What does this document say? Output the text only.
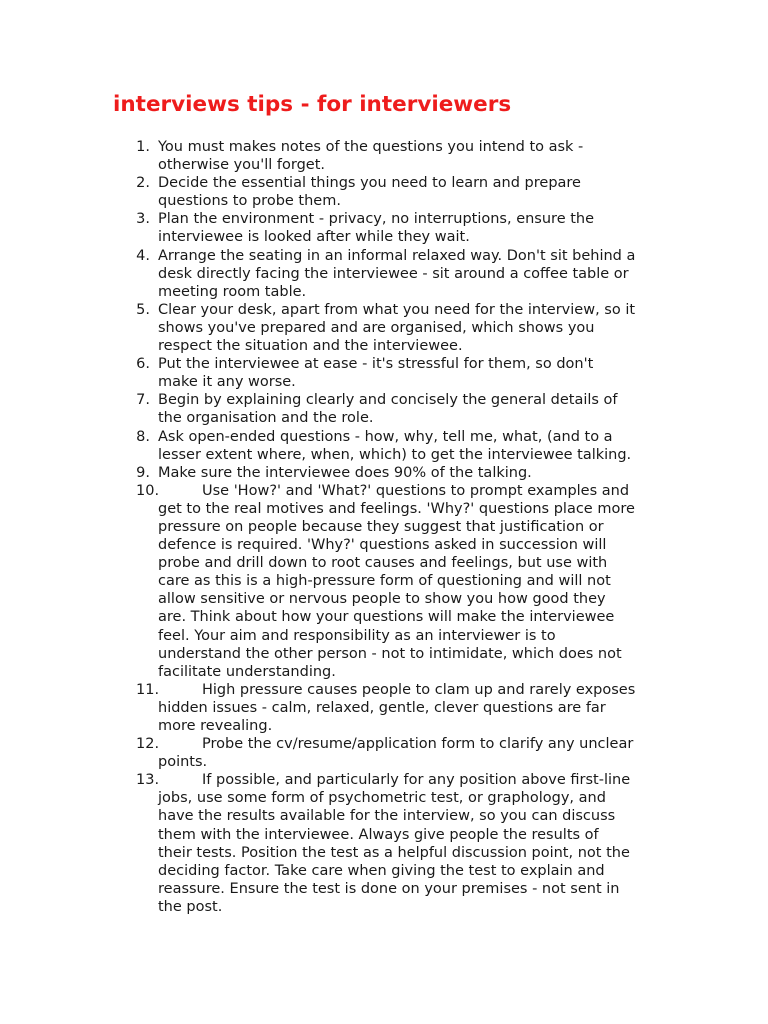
interviews tips - for interviewers
1. You must makes notes of the questions you intend to ask -
otherwise you'll forget.
2. Decide the essential things you need to learn and prepare
questions to probe them.
3. Plan the environment - privacy, no interruptions, ensure the
interviewee is looked after while they wait.
4. Arrange the seating in an informal relaxed way. Don't sit behind a
desk directly facing the interviewee - sit around a coffee table or
meeting room table.
5. Clear your desk, apart from what you need for the interview, so it
shows you've prepared and are organised, which shows you
respect the situation and the interviewee.
6. Put the interviewee at ease - it's stressful for them, so don't
make it any worse.
7. Begin by explaining clearly and concisely the general details of
the organisation and the role.
8. Ask open-ended questions - how, why, tell me, what, (and to a
lesser extent where, when, which) to get the interviewee talking.
9. Make sure the interviewee does 90% of the talking.
10.	Use 'How?' and 'What?' questions to prompt examples and
get to the real motives and feelings. 'Why?' questions place more
pressure on people because they suggest that justification or
defence is required. 'Why?' questions asked in succession will
probe and drill down to root causes and feelings, but use with
care as this is a high-pressure form of questioning and will not
allow sensitive or nervous people to show you how good they
are. Think about how your questions will make the interviewee
feel. Your aim and responsibility as an interviewer is to
understand the other person - not to intimidate, which does not
facilitate understanding.
11.	High pressure causes people to clam up and rarely exposes
hidden issues - calm, relaxed, gentle, clever questions are far
more revealing.
12.	Probe the cv/resume/application form to clarify any unclear
points.
13.	If possible, and particularly for any position above first-line
jobs, use some form of psychometric test, or graphology, and
have the results available for the interview, so you can discuss
them with the interviewee. Always give people the results of
their tests. Position the test as a helpful discussion point, not the
deciding factor. Take care when giving the test to explain and
reassure. Ensure the test is done on your premises - not sent in
the post.
